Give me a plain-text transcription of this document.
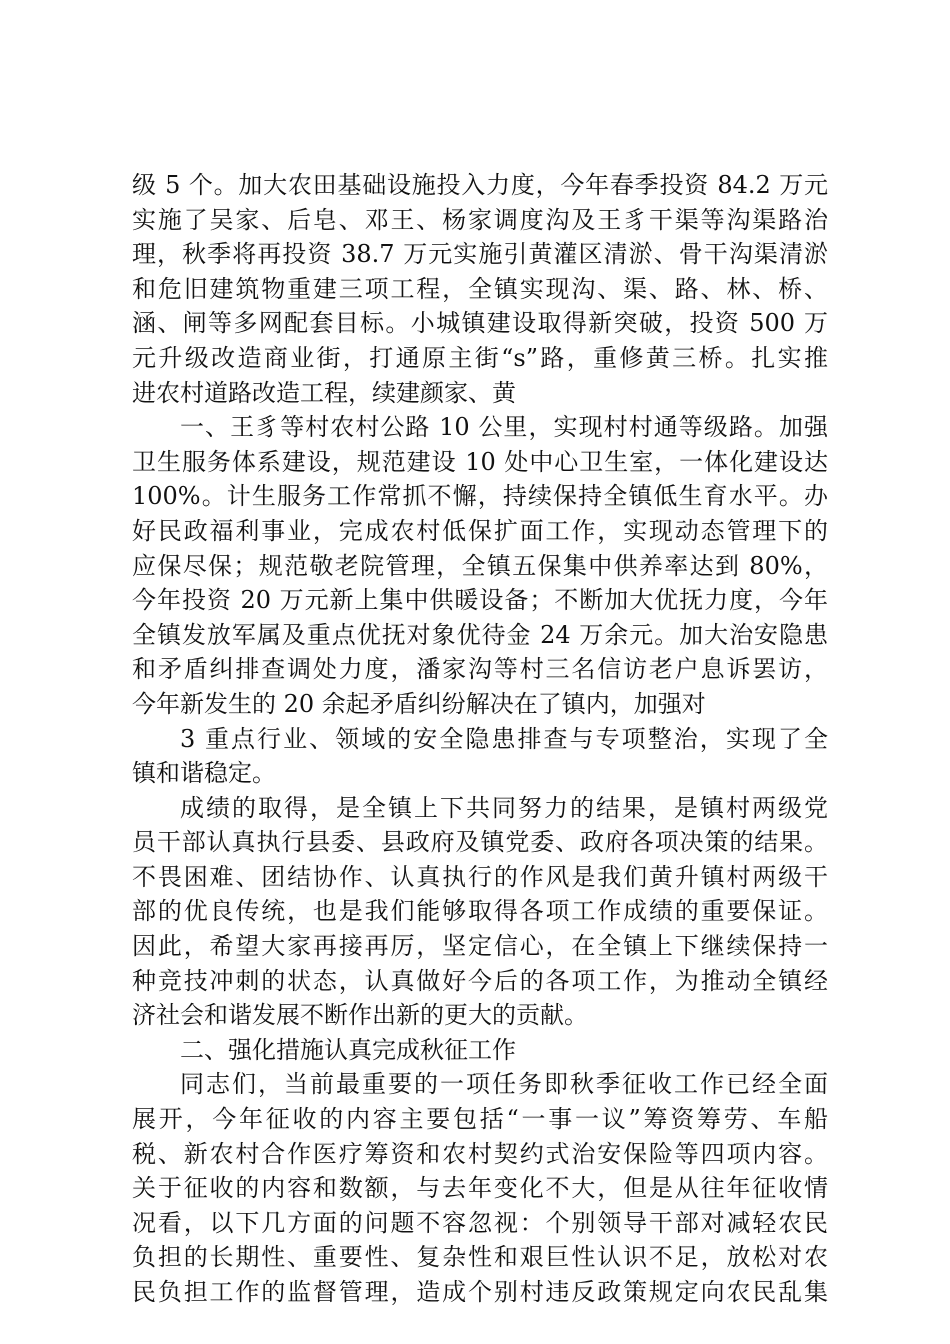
级 5 个。加大农田基础设施投入力度，今年春季投资 84.2 万元
实施了吴家、后皂、邓王、杨家调度沟及王豸干渠等沟渠路治
理，秋季将再投资 38.7 万元实施引黄灌区清淤、骨干沟渠清淤
和危旧建筑物重建三项工程，全镇实现沟、渠、路、林、桥、
涵、闸等多网配套目标。小城镇建设取得新突破，投资 500 万
元升级改造商业街，打通原主街“s”路，重修黄三桥。扎实推
进农村道路改造工程，续建颜家、黄
一、王豸等村农村公路 10 公里，实现村村通等级路。加强
卫生服务体系建设，规范建设 10 处中心卫生室，一体化建设达
100%。计生服务工作常抓不懈，持续保持全镇低生育水平。办
好民政福利事业，完成农村低保扩面工作，实现动态管理下的
应保尽保；规范敬老院管理，全镇五保集中供养率达到 80%，
今年投资 20 万元新上集中供暖设备；不断加大优抚力度，今年
全镇发放军属及重点优抚对象优待金 24 万余元。加大治安隐患
和矛盾纠排查调处力度，潘家沟等村三名信访老户息诉罢访，
今年新发生的 20 余起矛盾纠纷解决在了镇内，加强对
3 重点行业、领域的安全隐患排查与专项整治，实现了全
镇和谐稳定。
成绩的取得，是全镇上下共同努力的结果，是镇村两级党
员干部认真执行县委、县政府及镇党委、政府各项决策的结果。
不畏困难、团结协作、认真执行的作风是我们黄升镇村两级干
部的优良传统，也是我们能够取得各项工作成绩的重要保证。
因此，希望大家再接再厉，坚定信心，在全镇上下继续保持一
种竞技冲刺的状态，认真做好今后的各项工作，为推动全镇经
济社会和谐发展不断作出新的更大的贡献。
二、强化措施认真完成秋征工作
同志们，当前最重要的一项任务即秋季征收工作已经全面
展开，今年征收的内容主要包括“一事一议”筹资筹劳、车船
税、新农村合作医疗筹资和农村契约式治安保险等四项内容。
关于征收的内容和数额，与去年变化不大，但是从往年征收情
况看，以下几方面的问题不容忽视：个别领导干部对减轻农民
负担的长期性、重要性、复杂性和艰巨性认识不足，放松对农
民负担工作的监督管理，造成个别村违反政策规定向农民乱集
